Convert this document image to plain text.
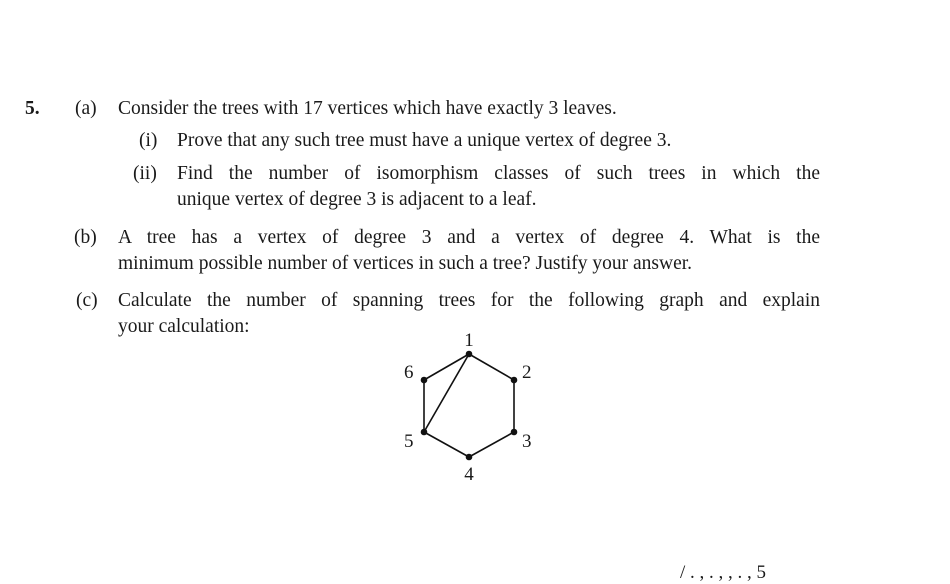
5. (a) Consider the trees with 17 vertices which have exactly 3 leaves.
(i) Prove that any such tree must have a unique vertex of degree 3.
(ii) Find the number of isomorphism classes of such trees in which the
unique vertex of degree 3 is adjacent to a leaf.
(b) A tree has a vertex of degree 3 and a vertex of degree 4. What is the
minimum possible number of vertices in such a tree? Justify your answer.
(c) Calculate the number of spanning trees for the following graph and explain
your calculation:
1
2
3
4
5
6
/ . , . , , . , 5
